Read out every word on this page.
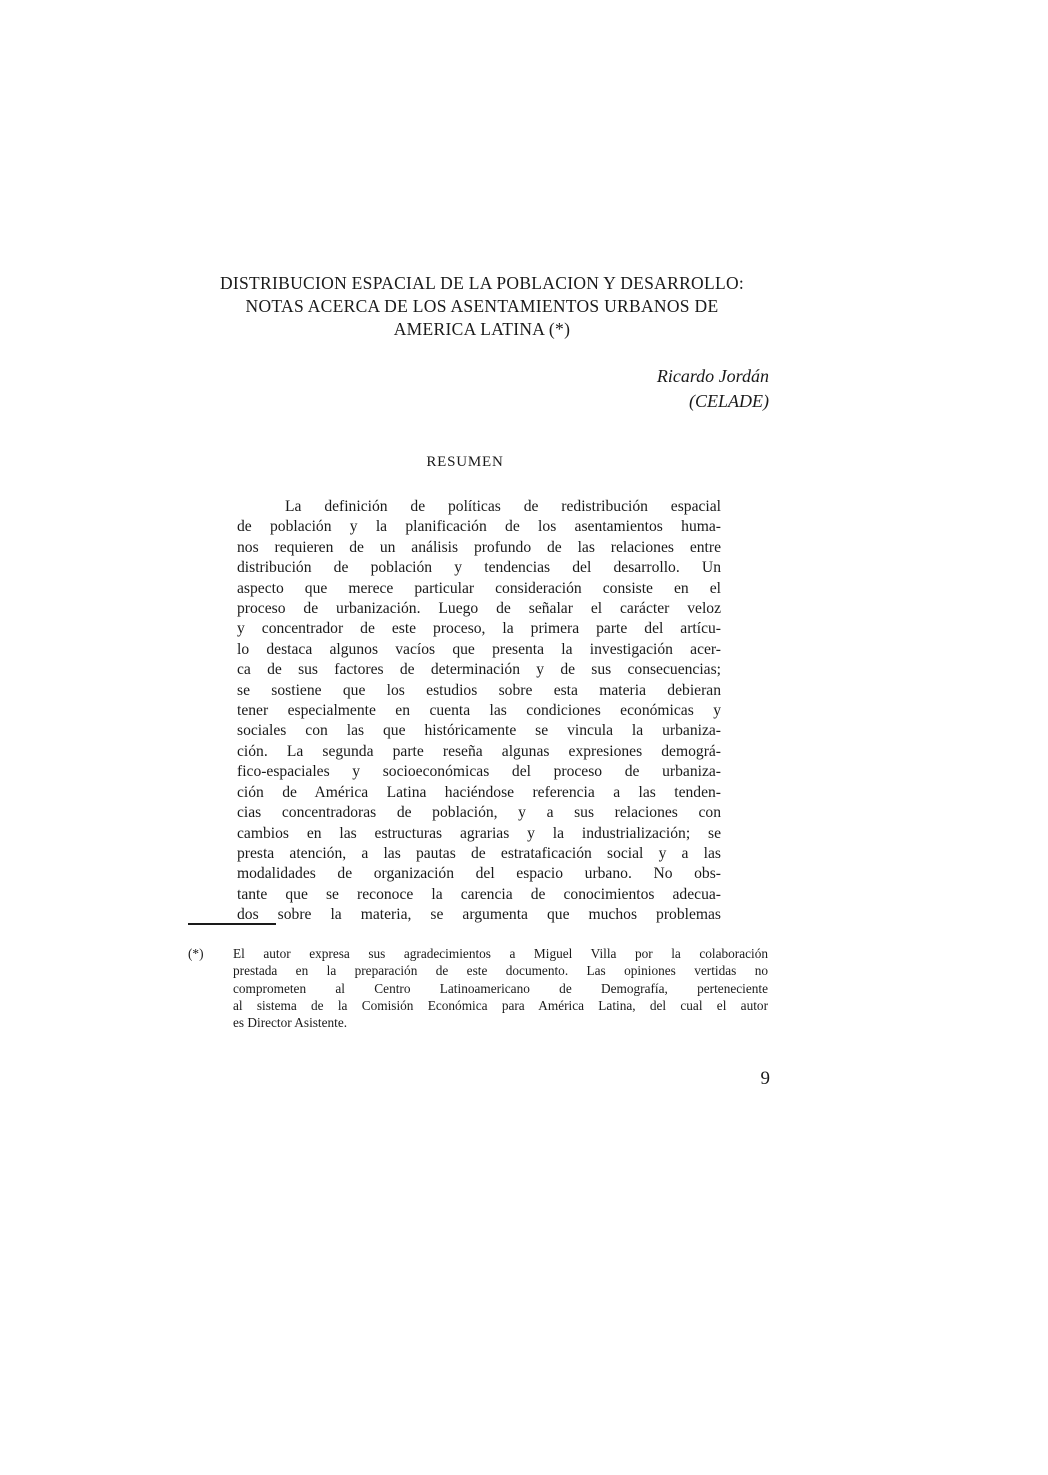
DISTRIBUCION ESPACIAL DE LA POBLACION Y DESARROLLO:
NOTAS ACERCA DE LOS ASENTAMIENTOS URBANOS DE
AMERICA LATINA (*)
Ricardo Jordán
(CELADE)
RESUMEN
La definición de políticas de redistribución espacial
de población y la planificación de los asentamientos huma-
nos requieren de un análisis profundo de las relaciones entre
distribución de población y tendencias del desarrollo. Un
aspecto que merece particular consideración consiste en el
proceso de urbanización. Luego de señalar el carácter veloz
y concentrador de este proceso, la primera parte del artícu-
lo destaca algunos vacíos que presenta la investigación acer-
ca de sus factores de determinación y de sus consecuencias;
se sostiene que los estudios sobre esta materia debieran
tener especialmente en cuenta las condiciones económicas y
sociales con las que históricamente se vincula la urbaniza-
ción. La segunda parte reseña algunas expresiones demográ-
fico-espaciales y socioeconómicas del proceso de urbaniza-
ción de América Latina haciéndose referencia a las tenden-
cias concentradoras de población, y a sus relaciones con
cambios en las estructuras agrarias y la industrialización; se
presta atención, a las pautas de estrataficación social y a las
modalidades de organización del espacio urbano. No obs-
tante que se reconoce la carencia de conocimientos adecua-
dos sobre la materia, se argumenta que muchos problemas
(*) El autor expresa sus agradecimientos a Miguel Villa por la colaboración
prestada en la preparación de este documento. Las opiniones vertidas no
comprometen al Centro Latinoamericano de Demografía, perteneciente
al sistema de la Comisión Económica para América Latina, del cual el autor
es Director Asistente.
9
